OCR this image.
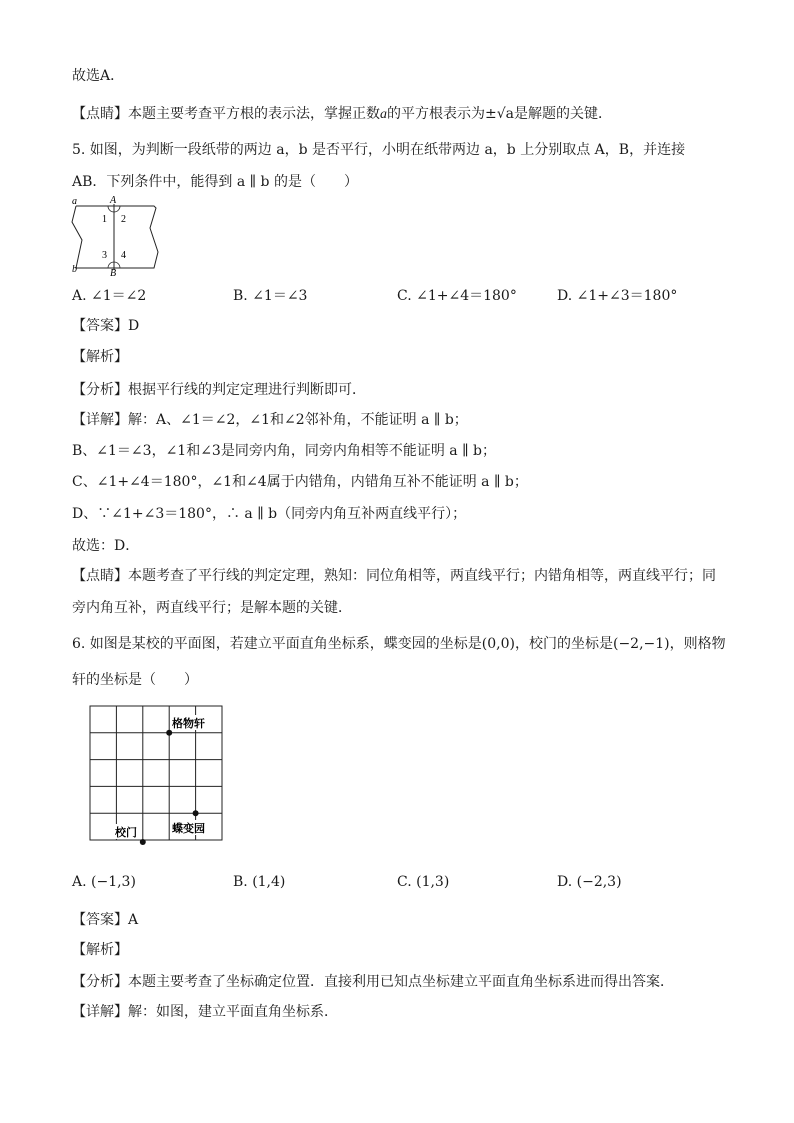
故选A．
【点睛】本题主要考查平方根的表示法，掌握正数a的平方根表示为±√a是解题的关键．
5. 如图，为判断一段纸带的两边 a，b 是否平行，小明在纸带两边 a，b 上分别取点 A，B，并连接
AB．下列条件中，能得到 a ∥ b 的是（　　）
a
b
A
B
1 2
3 4
A. ∠1＝∠2	B. ∠1＝∠3	C. ∠1+∠4＝180°	D. ∠1+∠3＝180°
【答案】D
【解析】
【分析】根据平行线的判定定理进行判断即可．
【详解】解：A、∠1＝∠2，∠1和∠2邻补角，不能证明 a ∥ b；
B、∠1＝∠3，∠1和∠3是同旁内角，同旁内角相等不能证明 a ∥ b；
C、∠1+∠4＝180°，∠1和∠4属于内错角，内错角互补不能证明 a ∥ b；
D、∵∠1+∠3＝180°，∴ a ∥ b（同旁内角互补两直线平行）；
故选：D．
【点睛】本题考查了平行线的判定定理，熟知：同位角相等，两直线平行；内错角相等，两直线平行；同
旁内角互补，两直线平行；是解本题的关键．
6. 如图是某校的平面图，若建立平面直角坐标系，蝶变园的坐标是(0,0)，校门的坐标是(−2,−1)，则格物
轩的坐标是（　　）
格物轩
蝶变园
校门
A. (−1,3)	B. (1,4)	C. (1,3)	D. (−2,3)
【答案】A
【解析】
【分析】本题主要考查了坐标确定位置．直接利用已知点坐标建立平面直角坐标系进而得出答案．
【详解】解：如图，建立平面直角坐标系．
